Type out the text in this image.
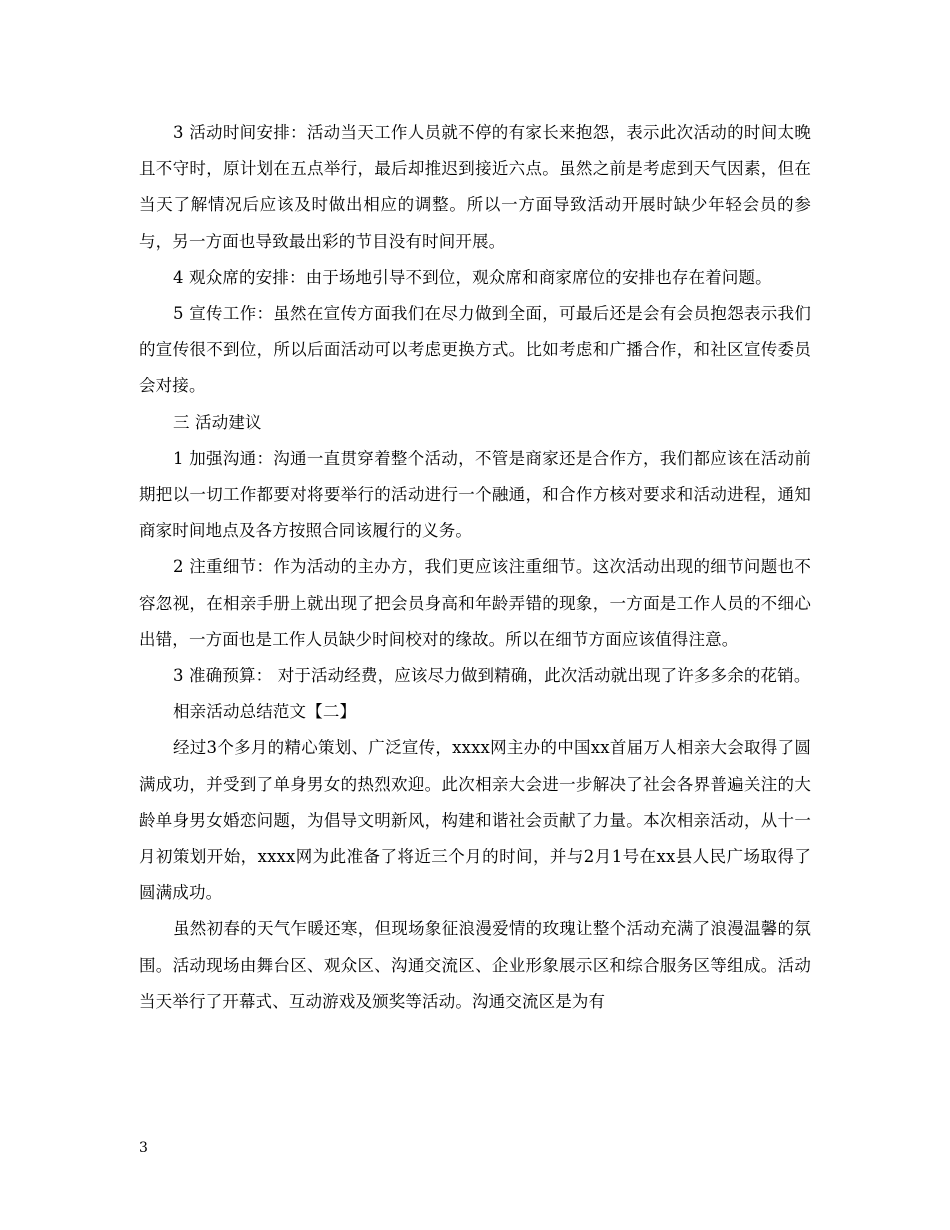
3 活动时间安排：活动当天工作人员就不停的有家长来抱怨，表示此次活动的时间太晚且不守时，原计划在五点举行，最后却推迟到接近六点。虽然之前是考虑到天气因素，但在当天了解情况后应该及时做出相应的调整。所以一方面导致活动开展时缺少年轻会员的参与，另一方面也导致最出彩的节目没有时间开展。

4 观众席的安排：由于场地引导不到位，观众席和商家席位的安排也存在着问题。

5 宣传工作：虽然在宣传方面我们在尽力做到全面，可最后还是会有会员抱怨表示我们的宣传很不到位，所以后面活动可以考虑更换方式。比如考虑和广播合作，和社区宣传委员会对接。

三 活动建议

1 加强沟通：沟通一直贯穿着整个活动，不管是商家还是合作方，我们都应该在活动前期把以一切工作都要对将要举行的活动进行一个融通，和合作方核对要求和活动进程，通知商家时间地点及各方按照合同该履行的义务。

2 注重细节：作为活动的主办方，我们更应该注重细节。这次活动出现的细节问题也不容忽视，在相亲手册上就出现了把会员身高和年龄弄错的现象，一方面是工作人员的不细心出错，一方面也是工作人员缺少时间校对的缘故。所以在细节方面应该值得注意。

3 准确预算： 对于活动经费，应该尽力做到精确，此次活动就出现了许多多余的花销。

相亲活动总结范文【二】

经过3个多月的精心策划、广泛宣传，xxxx网主办的中国xx首届万人相亲大会取得了圆满成功，并受到了单身男女的热烈欢迎。此次相亲大会进一步解决了社会各界普遍关注的大龄单身男女婚恋问题，为倡导文明新风，构建和谐社会贡献了力量。本次相亲活动，从十一月初策划开始，xxxx网为此准备了将近三个月的时间，并与2月1号在xx县人民广场取得了圆满成功。

虽然初春的天气乍暖还寒，但现场象征浪漫爱情的玫瑰让整个活动充满了浪漫温馨的氛围。活动现场由舞台区、观众区、沟通交流区、企业形象展示区和综合服务区等组成。活动当天举行了开幕式、互动游戏及颁奖等活动。沟通交流区是为有

3
